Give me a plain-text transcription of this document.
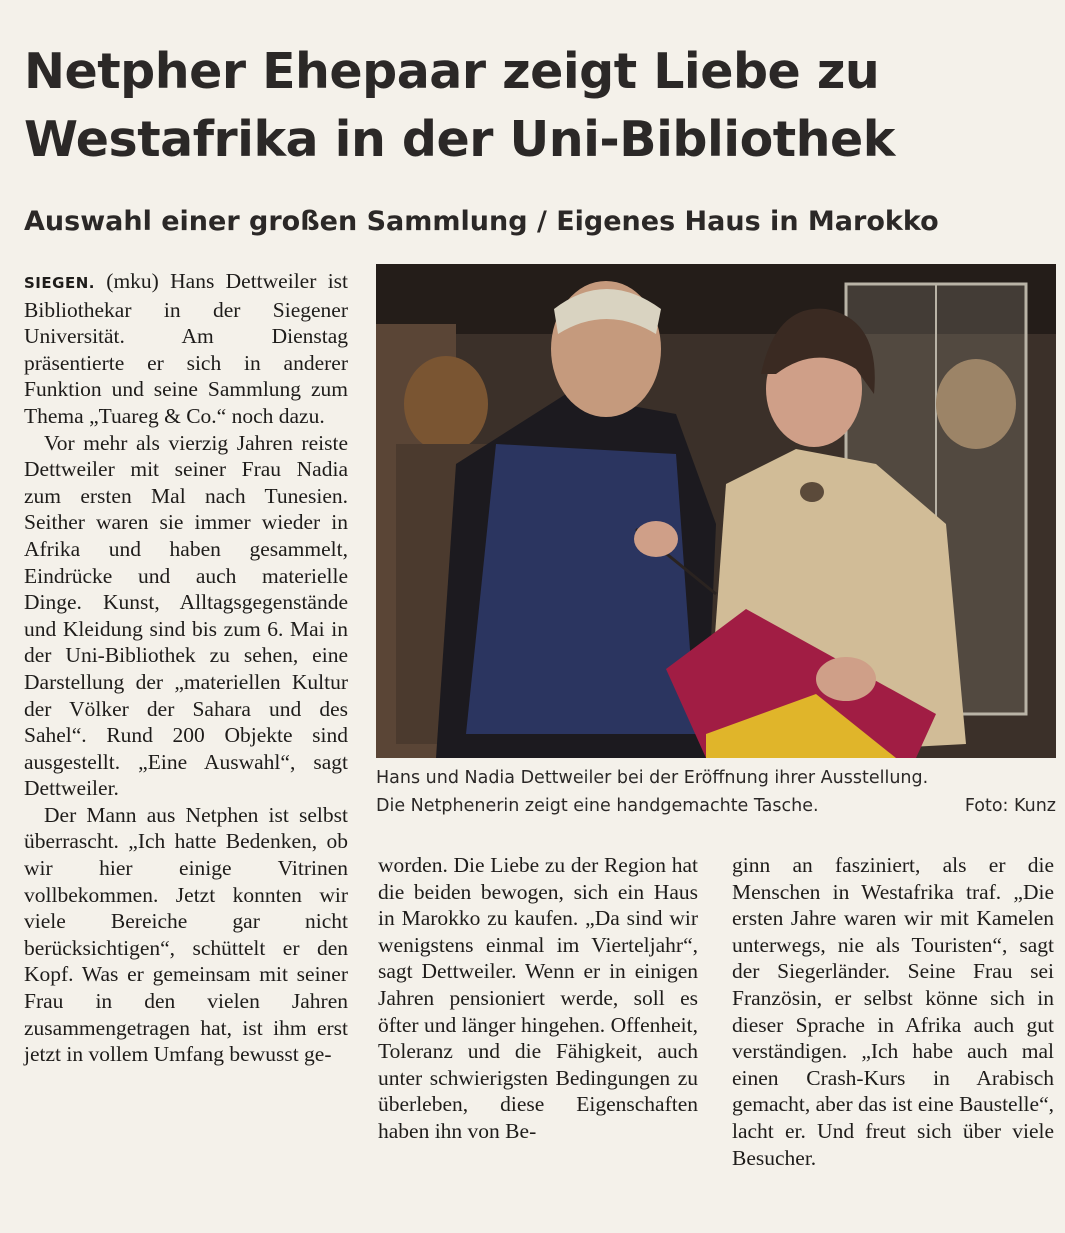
Netpher Ehepaar zeigt Liebe zu
Westafrika in der Uni-Bibliothek
Auswahl einer großen Sammlung / Eigenes Haus in Marokko

SIEGEN. (mku) Hans Dettweiler ist Bibliothekar in der Siegener Universität. Am Dienstag präsentierte er sich in anderer Funktion und seine Sammlung zum Thema „Tuareg & Co.“ noch dazu.

Vor mehr als vierzig Jahren reiste Dettweiler mit seiner Frau Nadia zum ersten Mal nach Tunesien. Seither waren sie immer wieder in Afrika und haben gesammelt, Eindrücke und auch materielle Dinge. Kunst, Alltagsgegenstände und Kleidung sind bis zum 6. Mai in der Uni-Bibliothek zu sehen, eine Darstellung der „materiellen Kultur der Völker der Sahara und des Sahel“. Rund 200 Objekte sind ausgestellt. „Eine Auswahl“, sagt Dettweiler.

Der Mann aus Netphen ist selbst überrascht. „Ich hatte Bedenken, ob wir hier einige Vitrinen vollbekommen. Jetzt konnten wir viele Bereiche gar nicht berücksichtigen“, schüttelt er den Kopf. Was er gemeinsam mit seiner Frau in den vielen Jahren zusammengetragen hat, ist ihm erst jetzt in vollem Umfang bewusst ge-

Hans und Nadia Dettweiler bei der Eröffnung ihrer Ausstellung.
Die Netphenerin zeigt eine handgemachte Tasche.	Foto: Kunz

worden. Die Liebe zu der Region hat die beiden bewogen, sich ein Haus in Marokko zu kaufen. „Da sind wir wenigstens einmal im Vierteljahr“, sagt Dettweiler. Wenn er in einigen Jahren pensioniert werde, soll es öfter und länger hingehen. Offenheit, Toleranz und die Fähigkeit, auch unter schwierigsten Bedingungen zu überleben, diese Eigenschaften haben ihn von Be-

ginn an fasziniert, als er die Menschen in Westafrika traf. „Die ersten Jahre waren wir mit Kamelen unterwegs, nie als Touristen“, sagt der Siegerländer. Seine Frau sei Französin, er selbst könne sich in dieser Sprache in Afrika auch gut verständigen. „Ich habe auch mal einen Crash-Kurs in Arabisch gemacht, aber das ist eine Baustelle“, lacht er. Und freut sich über viele Besucher.
